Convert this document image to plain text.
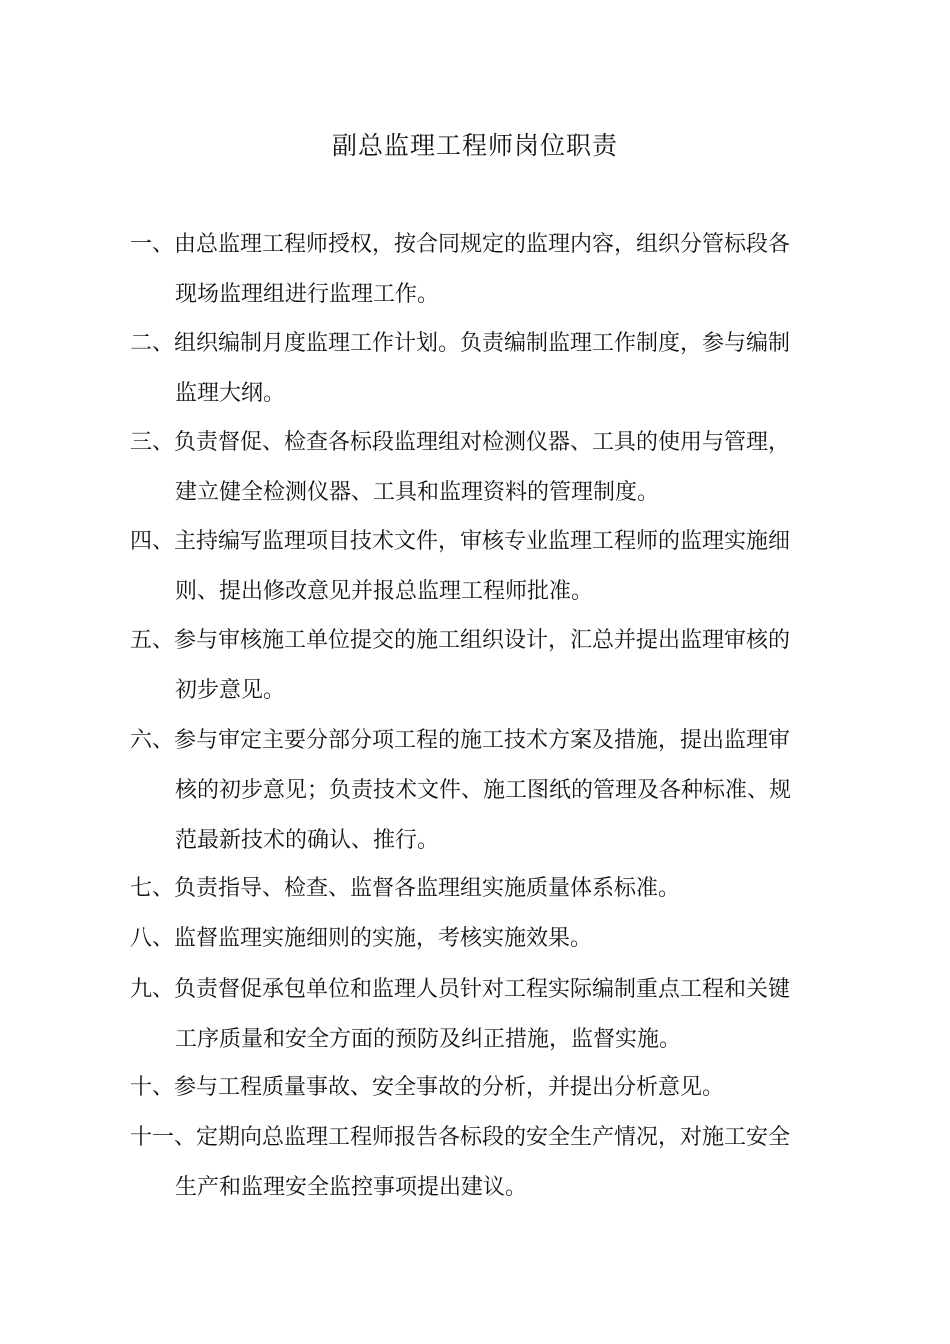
副总监理工程师岗位职责
一、由总监理工程师授权，按合同规定的监理内容，组织分管标段各
现场监理组进行监理工作。
二、组织编制月度监理工作计划。负责编制监理工作制度，参与编制
监理大纲。
三、负责督促、检查各标段监理组对检测仪器、工具的使用与管理，
建立健全检测仪器、工具和监理资料的管理制度。
四、主持编写监理项目技术文件，审核专业监理工程师的监理实施细
则、提出修改意见并报总监理工程师批准。
五、参与审核施工单位提交的施工组织设计，汇总并提出监理审核的
初步意见。
六、参与审定主要分部分项工程的施工技术方案及措施，提出监理审
核的初步意见；负责技术文件、施工图纸的管理及各种标准、规
范最新技术的确认、推行。
七、负责指导、检查、监督各监理组实施质量体系标准。
八、监督监理实施细则的实施，考核实施效果。
九、负责督促承包单位和监理人员针对工程实际编制重点工程和关键
工序质量和安全方面的预防及纠正措施，监督实施。
十、参与工程质量事故、安全事故的分析，并提出分析意见。
十一、定期向总监理工程师报告各标段的安全生产情况，对施工安全
生产和监理安全监控事项提出建议。
